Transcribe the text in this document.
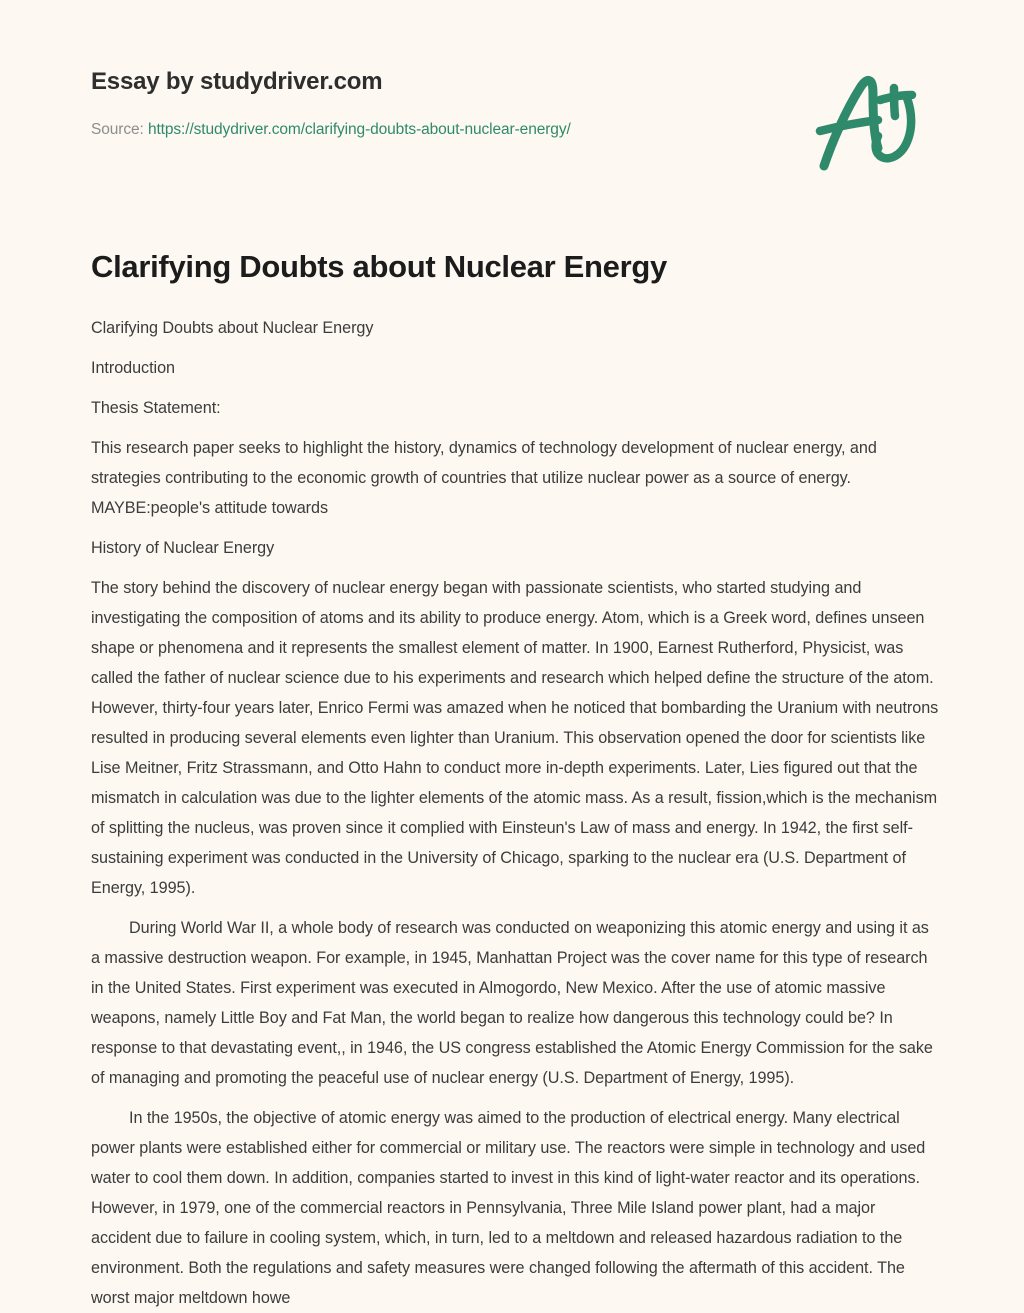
Essay by studydriver.com
Source: https://studydriver.com/clarifying-doubts-about-nuclear-energy/
Clarifying Doubts about Nuclear Energy

Clarifying Doubts about Nuclear Energy

Introduction

Thesis Statement:

This research paper seeks to highlight the history, dynamics of technology development of nuclear energy, and strategies contributing to the economic growth of countries that utilize nuclear power as a source of energy. MAYBE:people's attitude towards

History of Nuclear Energy

The story behind the discovery of nuclear energy began with passionate scientists, who started studying and investigating the composition of atoms and its ability to produce energy. Atom, which is a Greek word, defines unseen shape or phenomena and it represents the smallest element of matter. In 1900, Earnest Rutherford, Physicist, was called the father of nuclear science due to his experiments and research which helped define the structure of the atom. However, thirty-four years later, Enrico Fermi was amazed when he noticed that bombarding the Uranium with neutrons resulted in producing several elements even lighter than Uranium. This observation opened the door for scientists like Lise Meitner, Fritz Strassmann, and Otto Hahn to conduct more in-depth experiments. Later, Lies figured out that the mismatch in calculation was due to the lighter elements of the atomic mass. As a result, fission,which is the mechanism of splitting the nucleus, was proven since it complied with Einsteun's Law of mass and energy. In 1942, the first self-sustaining experiment was conducted in the University of Chicago, sparking to the nuclear era (U.S. Department of Energy, 1995).

During World War II, a whole body of research was conducted on weaponizing this atomic energy and using it as a massive destruction weapon. For example, in 1945, Manhattan Project was the cover name for this type of research in the United States. First experiment was executed in Almogordo, New Mexico. After the use of atomic massive weapons, namely Little Boy and Fat Man, the world began to realize how dangerous this technology could be? In response to that devastating event,, in 1946, the US congress established the Atomic Energy Commission for the sake of managing and promoting the peaceful use of nuclear energy (U.S. Department of Energy, 1995).

In the 1950s, the objective of atomic energy was aimed to the production of electrical energy. Many electrical power plants were established either for commercial or military use. The reactors were simple in technology and used water to cool them down. In addition, companies started to invest in this kind of light-water reactor and its operations. However, in 1979, one of the commercial reactors in Pennsylvania, Three Mile Island power plant, had a major accident due to failure in cooling system, which, in turn, led to a meltdown and released hazardous radiation to the environment. Both the regulations and safety measures were changed following the aftermath of this accident. The worst major meltdown howe
